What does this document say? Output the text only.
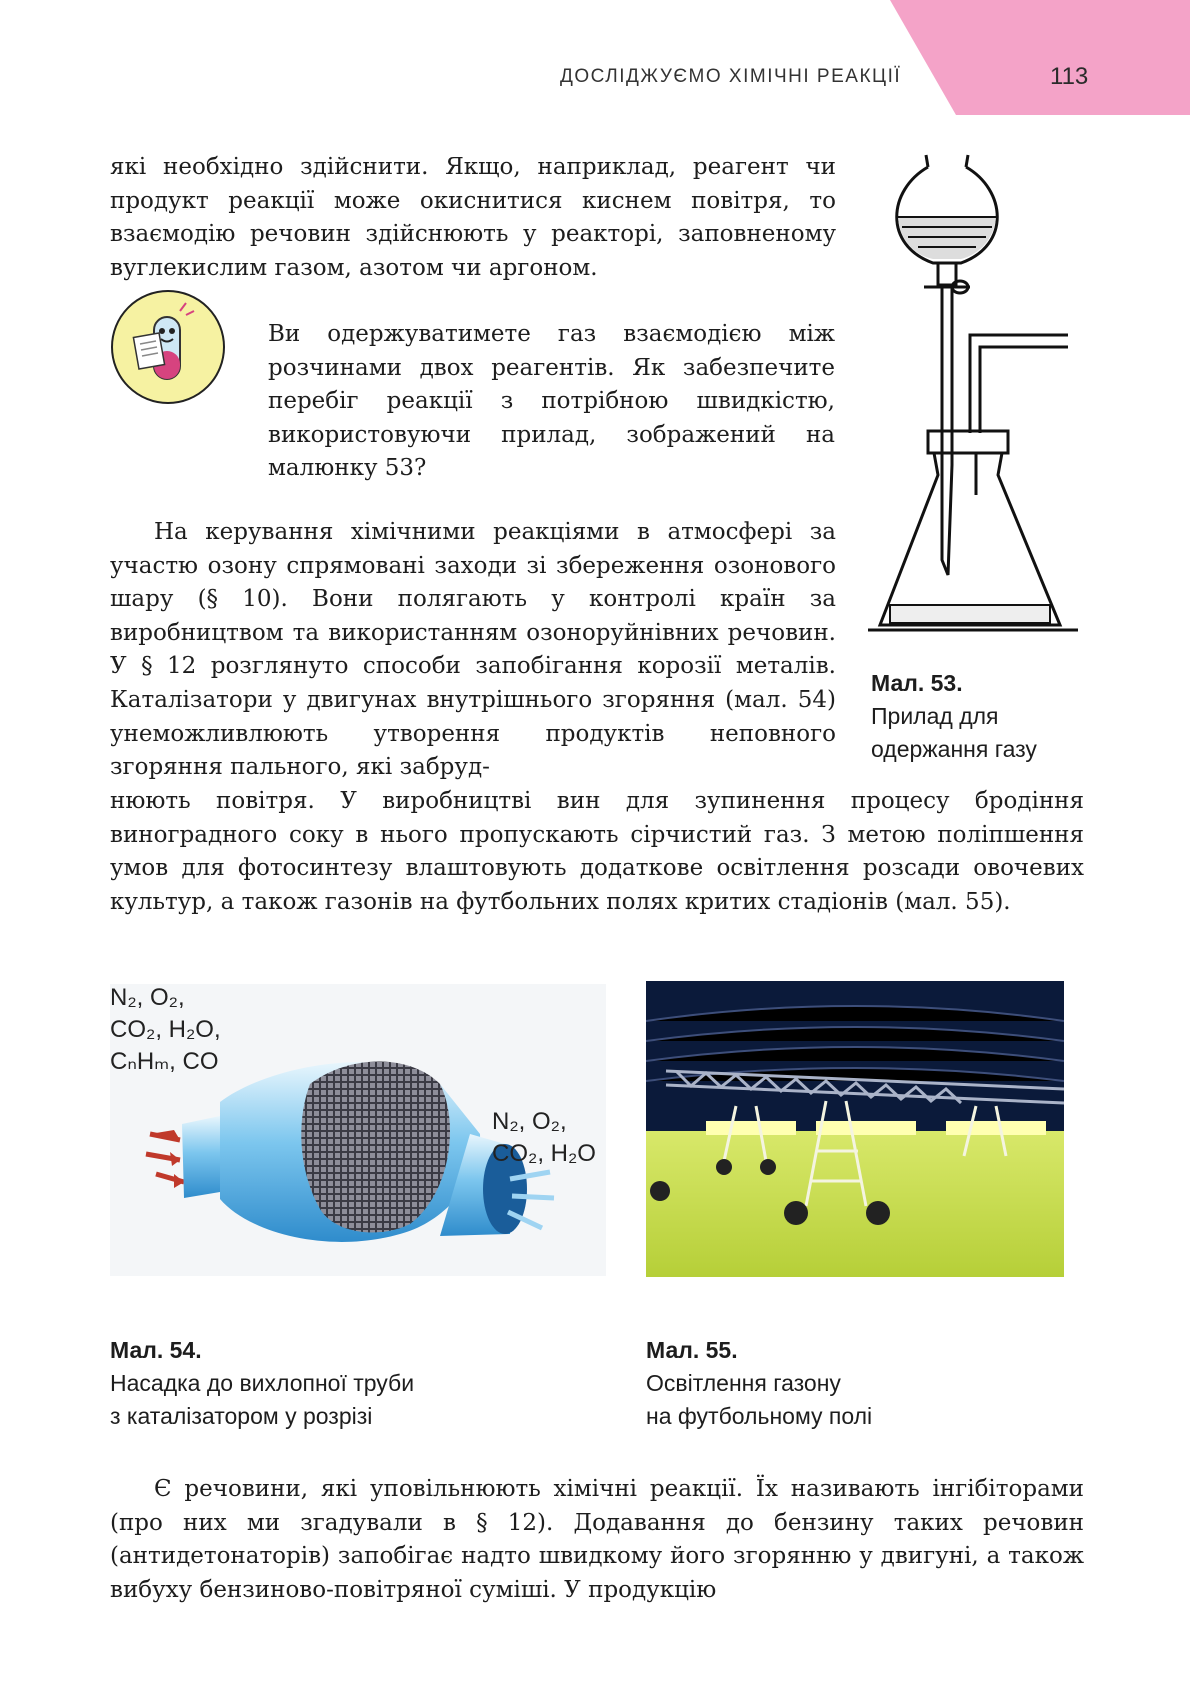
ДОСЛІДЖУЄМО ХІМІЧНІ РЕАКЦІЇ	113

які необхідно здійснити. Якщо, наприклад, реагент чи продукт реакції може окиснитися киснем повітря, то взаємодію речовин здійснюють у реакторі, заповненому вуглекислим газом, азотом чи аргоном.

Ви одержуватимете газ взаємодією між розчинами двох реагентів. Як забезпечите перебіг реакції з потрібною швидкістю, використовуючи прилад, зображений на малюнку 53?

Мал. 53.
Прилад для
одержання газу

На керування хімічними реакціями в атмосфері за участю озону спрямовані заходи зі збереження озонового шару (§ 10). Вони полягають у контролі країн за виробництвом та використанням озоноруйнівних речовин. У § 12 розглянуто способи запобігання корозії металів. Каталізатори у двигунах внутрішнього згоряння (мал. 54) унеможливлюють утворення продуктів неповного згоряння пального, які забруд-

нюють повітря. У виробництві вин для зупинення процесу бродіння виноградного соку в нього пропускають сірчистий газ. З метою поліпшення умов для фотосинтезу влаштовують додаткове освітлення розсади овочевих культур, а також газонів на футбольних полях критих стадіонів (мал. 55).

N₂, O₂,
CO₂, H₂O,
CₙHₘ, CO
N₂, O₂,
CO₂, H₂O
Мал. 54.
Насадка до вихлопної труби
з каталізатором у розрізі
Мал. 55.
Освітлення газону
на футбольному полі

Є речовини, які уповільнюють хімічні реакції. Їх називають інгібіторами (про них ми згадували в § 12). Додавання до бензину таких речовин (антидетонаторів) запобігає надто швидкому його згорянню у двигуні, а також вибуху бензиново-повітряної суміші. У продукцію
